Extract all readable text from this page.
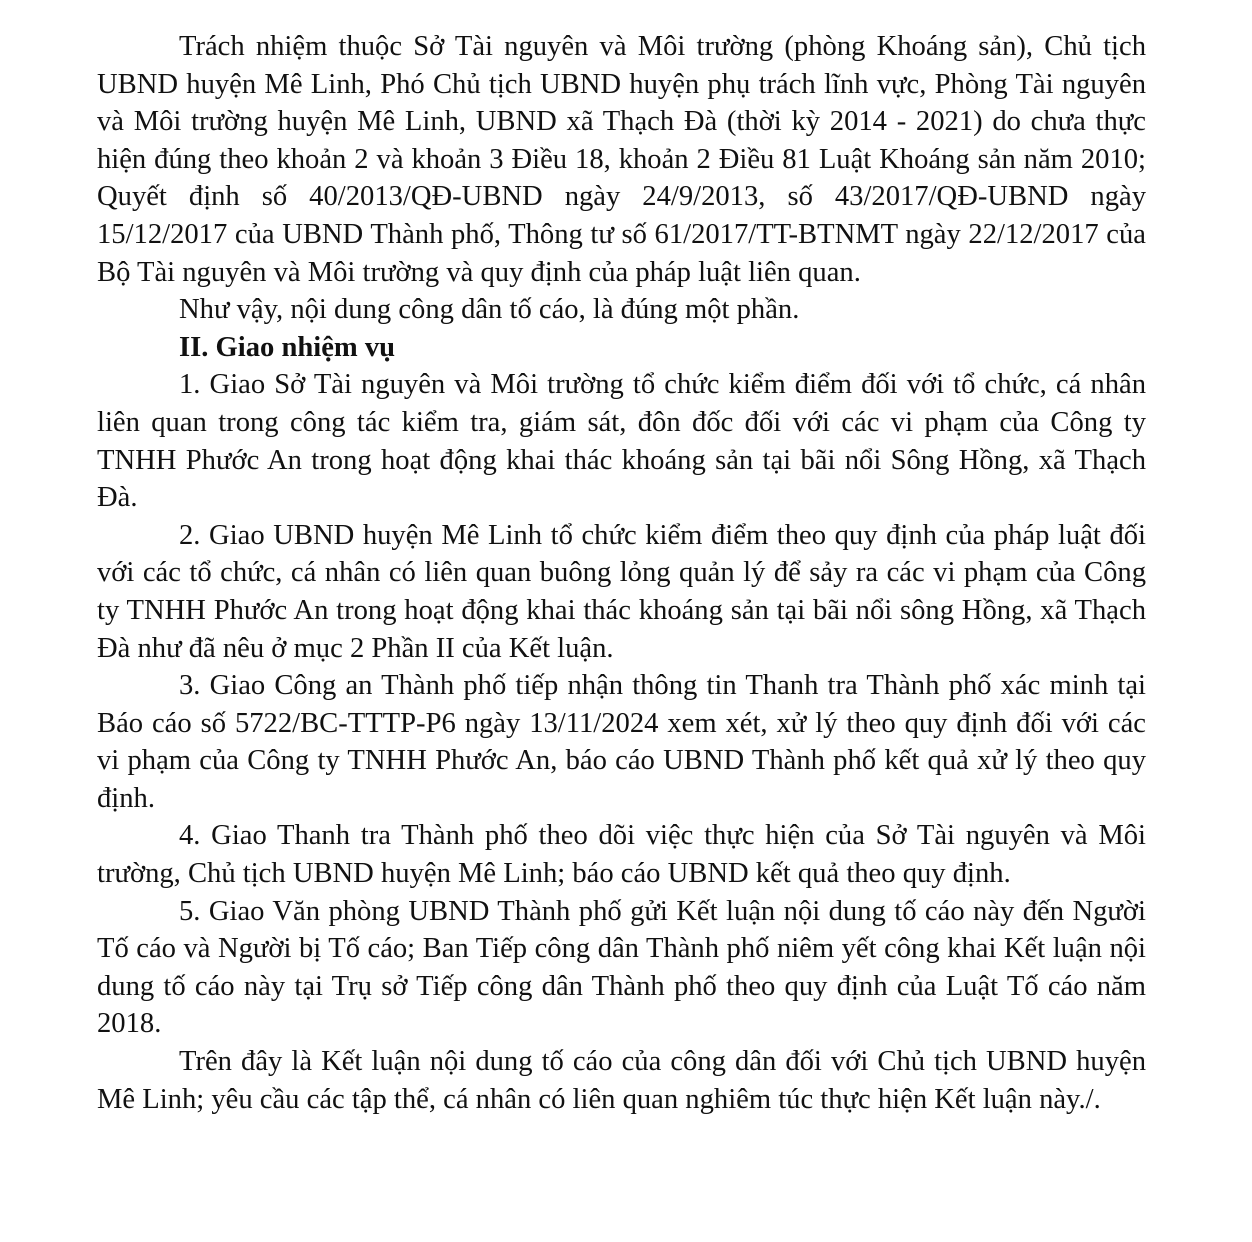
Trách nhiệm thuộc Sở Tài nguyên và Môi trường (phòng Khoáng sản), Chủ tịch UBND huyện Mê Linh, Phó Chủ tịch UBND huyện phụ trách lĩnh vực, Phòng Tài nguyên và Môi trường huyện Mê Linh, UBND xã Thạch Đà (thời kỳ 2014 - 2021) do chưa thực hiện đúng theo khoản 2 và khoản 3 Điều 18, khoản 2 Điều 81 Luật Khoáng sản năm 2010; Quyết định số 40/2013/QĐ-UBND ngày 24/9/2013, số 43/2017/QĐ-UBND ngày 15/12/2017 của UBND Thành phố, Thông tư số 61/2017/TT-BTNMT ngày 22/12/2017 của Bộ Tài nguyên và Môi trường và quy định của pháp luật liên quan.

Như vậy, nội dung công dân tố cáo, là đúng một phần.

II. Giao nhiệm vụ

1. Giao Sở Tài nguyên và Môi trường tổ chức kiểm điểm đối với tổ chức, cá nhân liên quan trong công tác kiểm tra, giám sát, đôn đốc đối với các vi phạm của Công ty TNHH Phước An trong hoạt động khai thác khoáng sản tại bãi nổi Sông Hồng, xã Thạch Đà.

2. Giao UBND huyện Mê Linh tổ chức kiểm điểm theo quy định của pháp luật đối với các tổ chức, cá nhân có liên quan buông lỏng quản lý để sảy ra các vi phạm của Công ty TNHH Phước An trong hoạt động khai thác khoáng sản tại bãi nổi sông Hồng, xã Thạch Đà như đã nêu ở mục 2 Phần II của Kết luận.

3. Giao Công an Thành phố tiếp nhận thông tin Thanh tra Thành phố xác minh tại Báo cáo số 5722/BC-TTTP-P6 ngày 13/11/2024 xem xét, xử lý theo quy định đối với các vi phạm của Công ty TNHH Phước An, báo cáo UBND Thành phố kết quả xử lý theo quy định.

4. Giao Thanh tra Thành phố theo dõi việc thực hiện của Sở Tài nguyên và Môi trường, Chủ tịch UBND huyện Mê Linh; báo cáo UBND kết quả theo quy định.

5. Giao Văn phòng UBND Thành phố gửi Kết luận nội dung tố cáo này đến Người Tố cáo và Người bị Tố cáo; Ban Tiếp công dân Thành phố niêm yết công khai Kết luận nội dung tố cáo này tại Trụ sở Tiếp công dân Thành phố theo quy định của Luật Tố cáo năm 2018.

Trên đây là Kết luận nội dung tố cáo của công dân đối với Chủ tịch UBND huyện Mê Linh; yêu cầu các tập thể, cá nhân có liên quan nghiêm túc thực hiện Kết luận này./.
